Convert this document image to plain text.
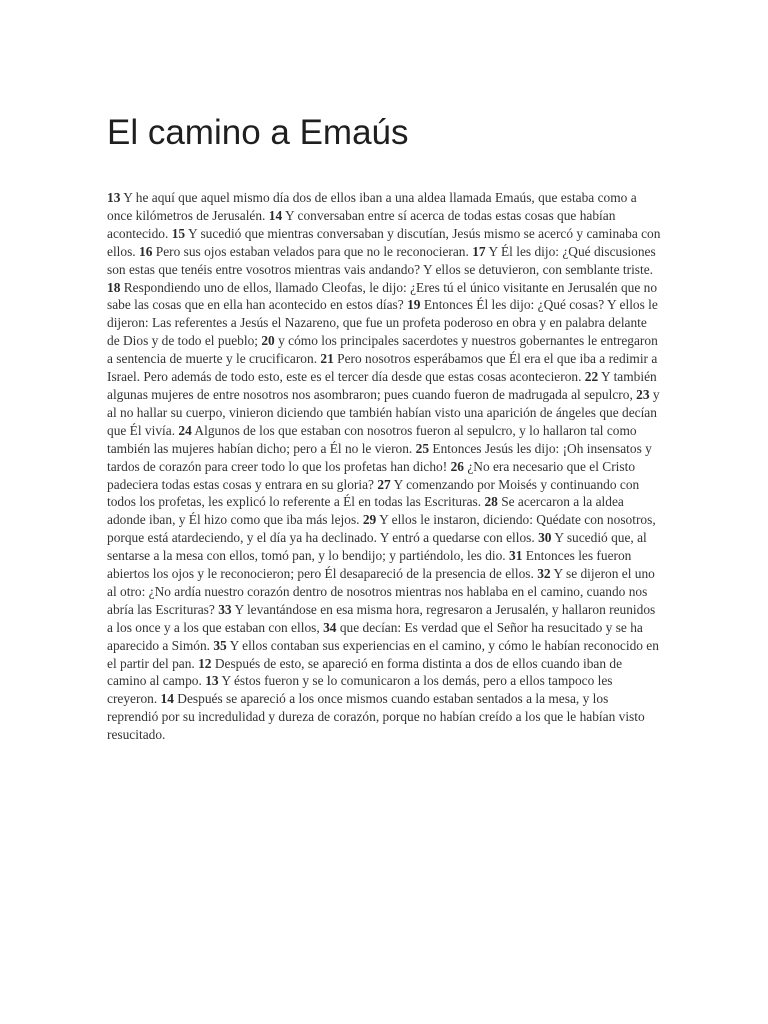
El camino a Emaús

13 Y he aquí que aquel mismo día dos de ellos iban a una aldea llamada Emaús, que estaba como a once kilómetros de Jerusalén. 14 Y conversaban entre sí acerca de todas estas cosas que habían acontecido. 15 Y sucedió que mientras conversaban y discutían, Jesús mismo se acercó y caminaba con ellos. 16 Pero sus ojos estaban velados para que no le reconocieran. 17 Y Él les dijo: ¿Qué discusiones son estas que tenéis entre vosotros mientras vais andando? Y ellos se detuvieron, con semblante triste. 18 Respondiendo uno de ellos, llamado Cleofas, le dijo: ¿Eres tú el único visitante en Jerusalén que no sabe las cosas que en ella han acontecido en estos días? 19 Entonces Él les dijo: ¿Qué cosas? Y ellos le dijeron: Las referentes a Jesús el Nazareno, que fue un profeta poderoso en obra y en palabra delante de Dios y de todo el pueblo; 20 y cómo los principales sacerdotes y nuestros gobernantes le entregaron a sentencia de muerte y le crucificaron. 21 Pero nosotros esperábamos que Él era el que iba a redimir a Israel. Pero además de todo esto, este es el tercer día desde que estas cosas acontecieron. 22 Y también algunas mujeres de entre nosotros nos asombraron; pues cuando fueron de madrugada al sepulcro, 23 y al no hallar su cuerpo, vinieron diciendo que también habían visto una aparición de ángeles que decían que Él vivía. 24 Algunos de los que estaban con nosotros fueron al sepulcro, y lo hallaron tal como también las mujeres habían dicho; pero a Él no le vieron. 25 Entonces Jesús les dijo: ¡Oh insensatos y tardos de corazón para creer todo lo que los profetas han dicho! 26 ¿No era necesario que el Cristo padeciera todas estas cosas y entrara en su gloria? 27 Y comenzando por Moisés y continuando con todos los profetas, les explicó lo referente a Él en todas las Escrituras. 28 Se acercaron a la aldea adonde iban, y Él hizo como que iba más lejos. 29 Y ellos le instaron, diciendo: Quédate con nosotros, porque está atardeciendo, y el día ya ha declinado. Y entró a quedarse con ellos. 30 Y sucedió que, al sentarse a la mesa con ellos, tomó pan, y lo bendijo; y partiéndolo, les dio. 31 Entonces les fueron abiertos los ojos y le reconocieron; pero Él desapareció de la presencia de ellos. 32 Y se dijeron el uno al otro: ¿No ardía nuestro corazón dentro de nosotros mientras nos hablaba en el camino, cuando nos abría las Escrituras? 33 Y levantándose en esa misma hora, regresaron a Jerusalén, y hallaron reunidos a los once y a los que estaban con ellos, 34 que decían: Es verdad que el Señor ha resucitado y se ha aparecido a Simón. 35 Y ellos contaban sus experiencias en el camino, y cómo le habían reconocido en el partir del pan. 12 Después de esto, se apareció en forma distinta a dos de ellos cuando iban de camino al campo. 13 Y éstos fueron y se lo comunicaron a los demás, pero a ellos tampoco les creyeron. 14 Después se apareció a los once mismos cuando estaban sentados a la mesa, y los reprendió por su incredulidad y dureza de corazón, porque no habían creído a los que le habían visto resucitado.
